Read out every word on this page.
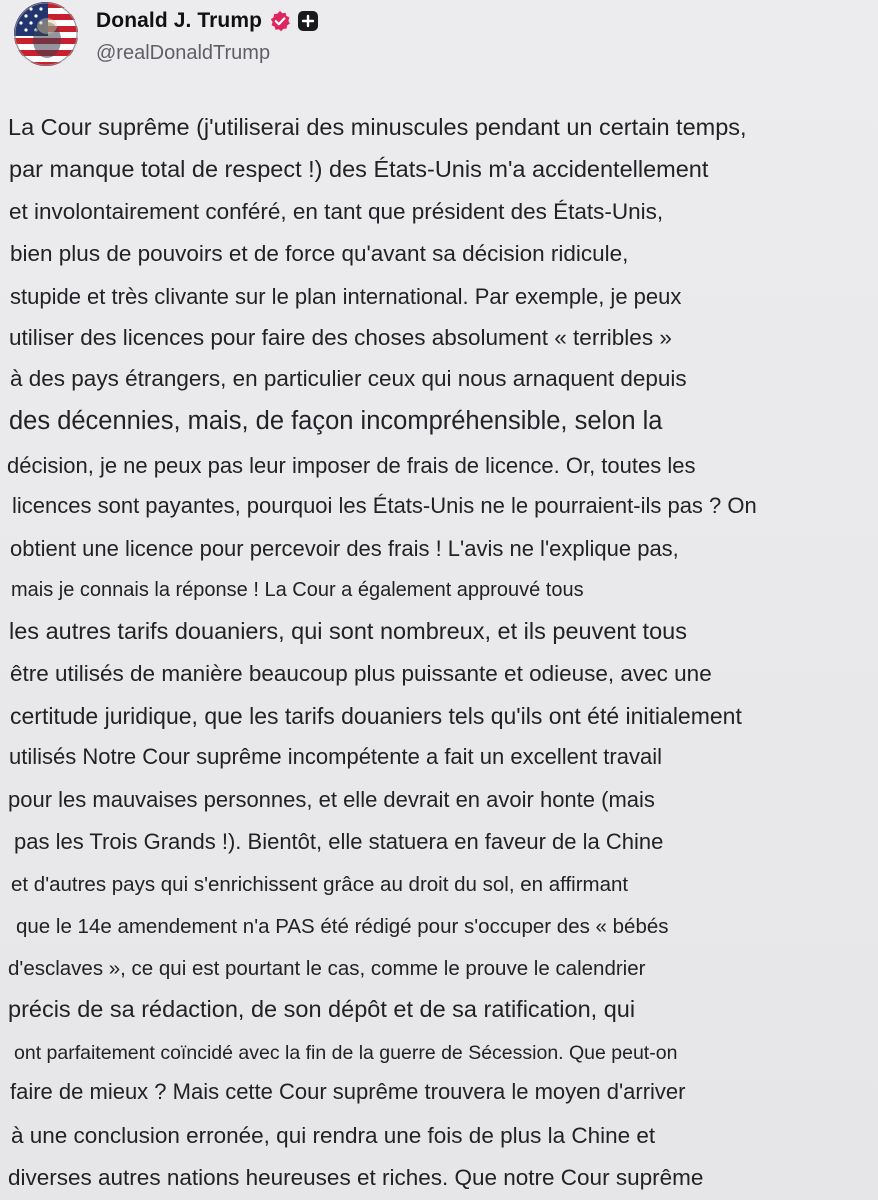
Donald J. Trump
@realDonaldTrump
La Cour suprême (j'utiliserai des minuscules pendant un certain temps,
par manque total de respect !) des États-Unis m'a accidentellement
et involontairement conféré, en tant que président des États-Unis,
bien plus de pouvoirs et de force qu'avant sa décision ridicule,
stupide et très clivante sur le plan international. Par exemple, je peux
utiliser des licences pour faire des choses absolument « terribles »
à des pays étrangers, en particulier ceux qui nous arnaquent depuis
des décennies, mais, de façon incompréhensible, selon la
décision, je ne peux pas leur imposer de frais de licence. Or, toutes les
licences sont payantes, pourquoi les États-Unis ne le pourraient-ils pas ? On
obtient une licence pour percevoir des frais ! L'avis ne l'explique pas,
mais je connais la réponse ! La Cour a également approuvé tous
les autres tarifs douaniers, qui sont nombreux, et ils peuvent tous
être utilisés de manière beaucoup plus puissante et odieuse, avec une
certitude juridique, que les tarifs douaniers tels qu'ils ont été initialement
utilisés Notre Cour suprême incompétente a fait un excellent travail
pour les mauvaises personnes, et elle devrait en avoir honte (mais
pas les Trois Grands !). Bientôt, elle statuera en faveur de la Chine
et d'autres pays qui s'enrichissent grâce au droit du sol, en affirmant
que le 14e amendement n'a PAS été rédigé pour s'occuper des « bébés
d'esclaves », ce qui est pourtant le cas, comme le prouve le calendrier
précis de sa rédaction, de son dépôt et de sa ratification, qui
ont parfaitement coïncidé avec la fin de la guerre de Sécession. Que peut-on
faire de mieux ? Mais cette Cour suprême trouvera le moyen d'arriver
à une conclusion erronée, qui rendra une fois de plus la Chine et
diverses autres nations heureuses et riches. Que notre Cour suprême
